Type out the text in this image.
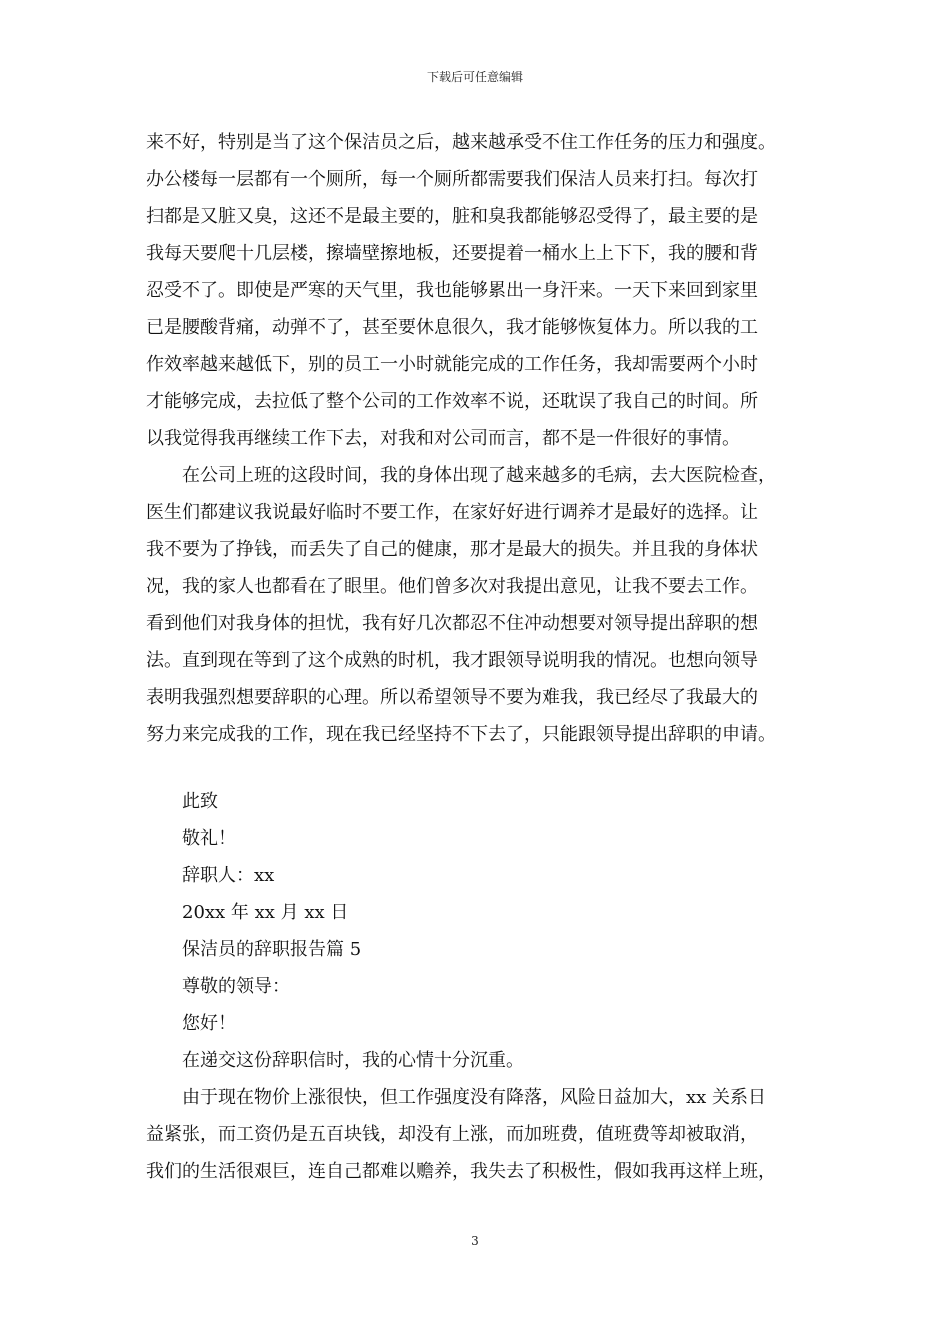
下载后可任意编辑
来不好，特别是当了这个保洁员之后，越来越承受不住工作任务的压力和强度。
办公楼每一层都有一个厕所，每一个厕所都需要我们保洁人员来打扫。每次打
扫都是又脏又臭，这还不是最主要的，脏和臭我都能够忍受得了，最主要的是
我每天要爬十几层楼，擦墙壁擦地板，还要提着一桶水上上下下，我的腰和背
忍受不了。即使是严寒的天气里，我也能够累出一身汗来。一天下来回到家里
已是腰酸背痛，动弹不了，甚至要休息很久，我才能够恢复体力。所以我的工
作效率越来越低下，别的员工一小时就能完成的工作任务，我却需要两个小时
才能够完成，去拉低了整个公司的工作效率不说，还耽误了我自己的时间。所
以我觉得我再继续工作下去，对我和对公司而言，都不是一件很好的事情。
在公司上班的这段时间，我的身体出现了越来越多的毛病，去大医院检查，
医生们都建议我说最好临时不要工作，在家好好进行调养才是最好的选择。让
我不要为了挣钱，而丢失了自己的健康，那才是最大的损失。并且我的身体状
况，我的家人也都看在了眼里。他们曾多次对我提出意见，让我不要去工作。
看到他们对我身体的担忧，我有好几次都忍不住冲动想要对领导提出辞职的想
法。直到现在等到了这个成熟的时机，我才跟领导说明我的情况。也想向领导
表明我强烈想要辞职的心理。所以希望领导不要为难我，我已经尽了我最大的
努力来完成我的工作，现在我已经坚持不下去了，只能跟领导提出辞职的申请。
此致
敬礼！
辞职人：xx
20xx 年 xx 月 xx 日
保洁员的辞职报告篇 5
尊敬的领导：
您好！
在递交这份辞职信时，我的心情十分沉重。
由于现在物价上涨很快，但工作强度没有降落，风险日益加大，xx 关系日
益紧张，而工资仍是五百块钱，却没有上涨，而加班费，值班费等却被取消，
我们的生活很艰巨，连自己都难以赡养，我失去了积极性，假如我再这样上班，
3
